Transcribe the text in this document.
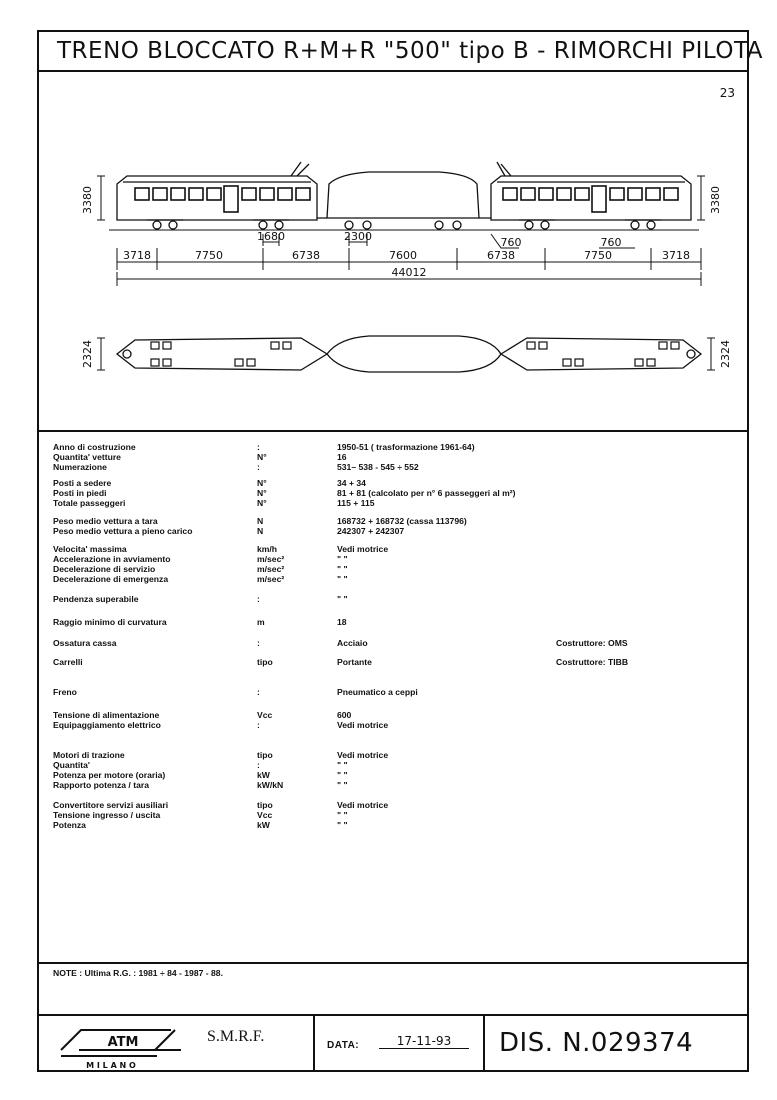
TRENO BLOCCATO R+M+R "500" tipo B - RIMORCHI PILOTA
23
3380	3380
1680	2300	760	760
3718	7750	6738	7600	6738	7750	3718
44012
2324	2324
Anno di costruzione	:	1950-51 ( trasformazione 1961-64)
Quantita' vetture	N°	16
Numerazione	:	531– 538 - 545 ÷ 552
Posti a sedere	N°	34 + 34
Posti in piedi	N°	81 + 81 (calcolato per n° 6 passeggeri al m²)
Totale passeggeri	N°	115 + 115
Peso medio vettura a tara	N	168732 + 168732 (cassa 113796)
Peso medio vettura a pieno carico	N	242307 + 242307
Velocita' massima	km/h	Vedi motrice
Accelerazione in avviamento	m/sec²	" "
Decelerazione di servizio	m/sec²	" "
Decelerazione di emergenza	m/sec²	" "
Pendenza superabile	:	" "
Raggio minimo di curvatura	m	18
Ossatura cassa	:	Acciaio	Costruttore: OMS
Carrelli	tipo	Portante	Costruttore: TIBB
Freno	:	Pneumatico a ceppi
Tensione di alimentazione	Vcc	600
Equipaggiamento elettrico	:	Vedi motrice
Motori di trazione	tipo	Vedi motrice
Quantita'	:	" "
Potenza per motore (oraria)	kW	" "
Rapporto potenza / tara	kW/kN	" "
Convertitore servizi ausiliari	tipo	Vedi motrice
Tensione ingresso / uscita	Vcc	" "
Potenza	kW	" "
NOTE : Ultima R.G. : 1981 ÷ 84 - 1987 - 88.
ATM
M I L A N O
S.M.R.F.
DATA:	17-11-93	DIS. N.029374
